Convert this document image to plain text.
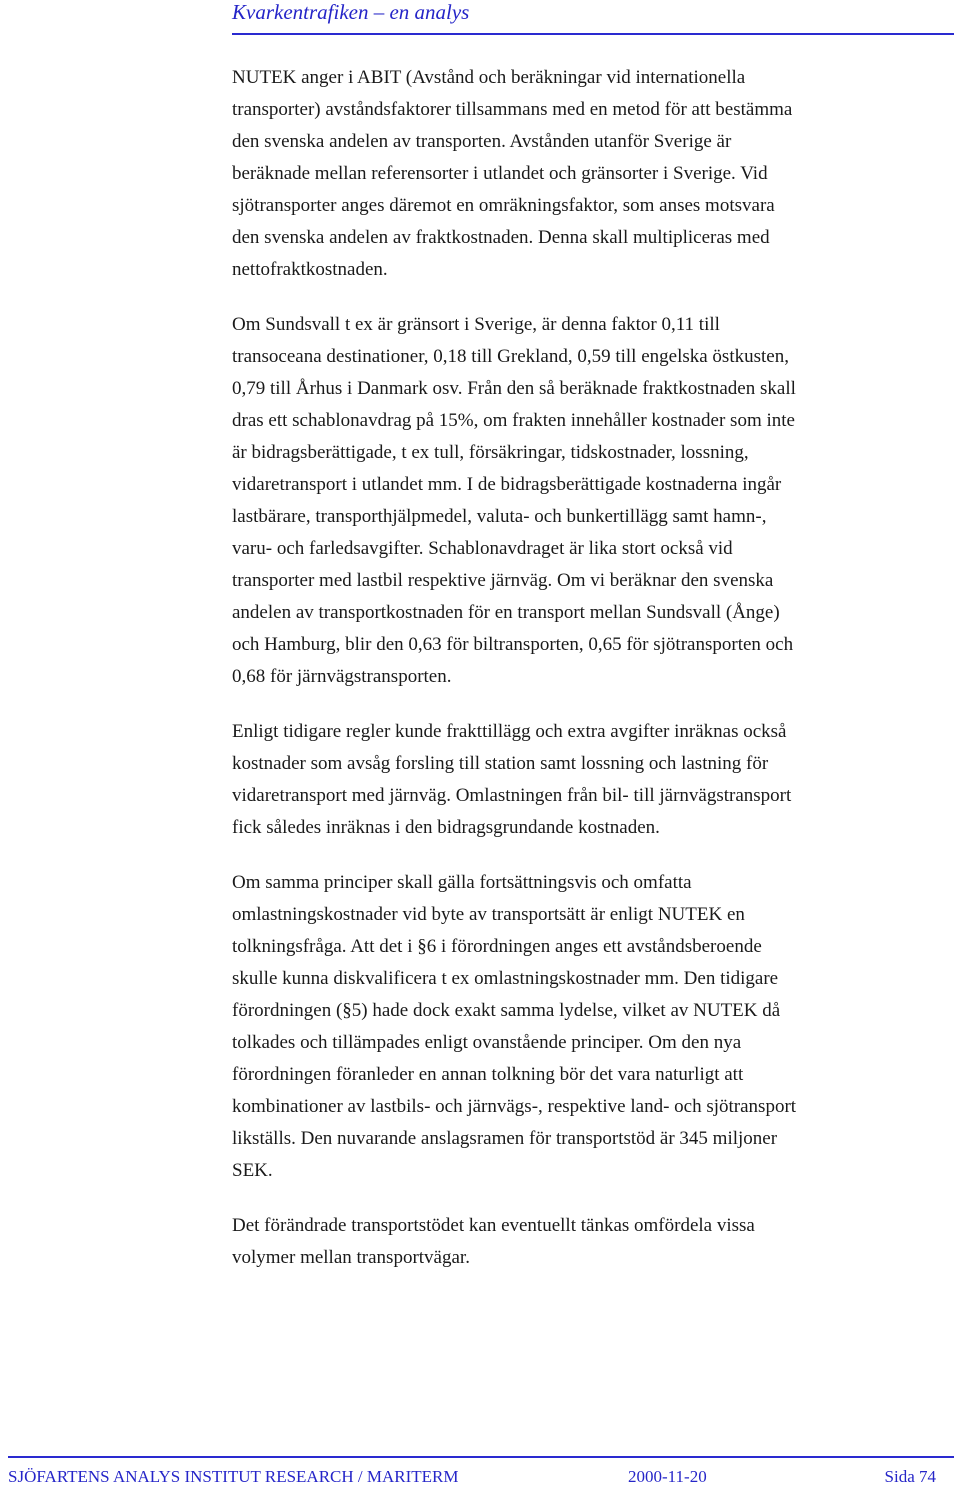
Kvarkentrafiken – en analys

NUTEK anger i ABIT (Avstånd och beräkningar vid internationella
transporter) avståndsfaktorer tillsammans med en metod för att bestämma
den svenska andelen av transporten. Avstånden utanför Sverige är
beräknade mellan referensorter i utlandet och gränsorter i Sverige. Vid
sjötransporter anges däremot en omräkningsfaktor, som anses motsvara
den svenska andelen av fraktkostnaden. Denna skall multipliceras med
nettofraktkostnaden.

Om Sundsvall t ex är gränsort i Sverige, är denna faktor 0,11 till
transoceana destinationer, 0,18 till Grekland, 0,59 till engelska östkusten,
0,79 till Århus i Danmark osv. Från den så beräknade fraktkostnaden skall
dras ett schablonavdrag på 15%, om frakten innehåller kostnader som inte
är bidragsberättigade, t ex tull, försäkringar, tidskostnader, lossning,
vidaretransport i utlandet mm. I de bidragsberättigade kostnaderna ingår
lastbärare, transporthjälpmedel, valuta- och bunkertillägg samt hamn-,
varu- och farledsavgifter. Schablonavdraget är lika stort också vid
transporter med lastbil respektive järnväg. Om vi beräknar den svenska
andelen av transportkostnaden för en transport mellan Sundsvall (Ånge)
och Hamburg, blir den 0,63 för biltransporten, 0,65 för sjötransporten och
0,68 för järnvägstransporten.

Enligt tidigare regler kunde frakttillägg och extra avgifter inräknas också
kostnader som avsåg forsling till station samt lossning och lastning för
vidaretransport med järnväg. Omlastningen från bil- till järnvägstransport
fick således inräknas i den bidragsgrundande kostnaden.

Om samma principer skall gälla fortsättningsvis och omfatta
omlastningskostnader vid byte av transportsätt är enligt NUTEK en
tolkningsfråga. Att det i §6 i förordningen anges ett avståndsberoende
skulle kunna diskvalificera t ex omlastningskostnader mm. Den tidigare
förordningen (§5) hade dock exakt samma lydelse, vilket av NUTEK då
tolkades och tillämpades enligt ovanstående principer. Om den nya
förordningen föranleder en annan tolkning bör det vara naturligt att
kombinationer av lastbils- och järnvägs-, respektive land- och sjötransport
likställs. Den nuvarande anslagsramen för transportstöd är 345 miljoner
SEK.

Det förändrade transportstödet kan eventuellt tänkas omfördela vissa
volymer mellan transportvägar.

SJÖFARTENS ANALYS INSTITUT RESEARCH / MARITERM	2000-11-20	Sida 74
